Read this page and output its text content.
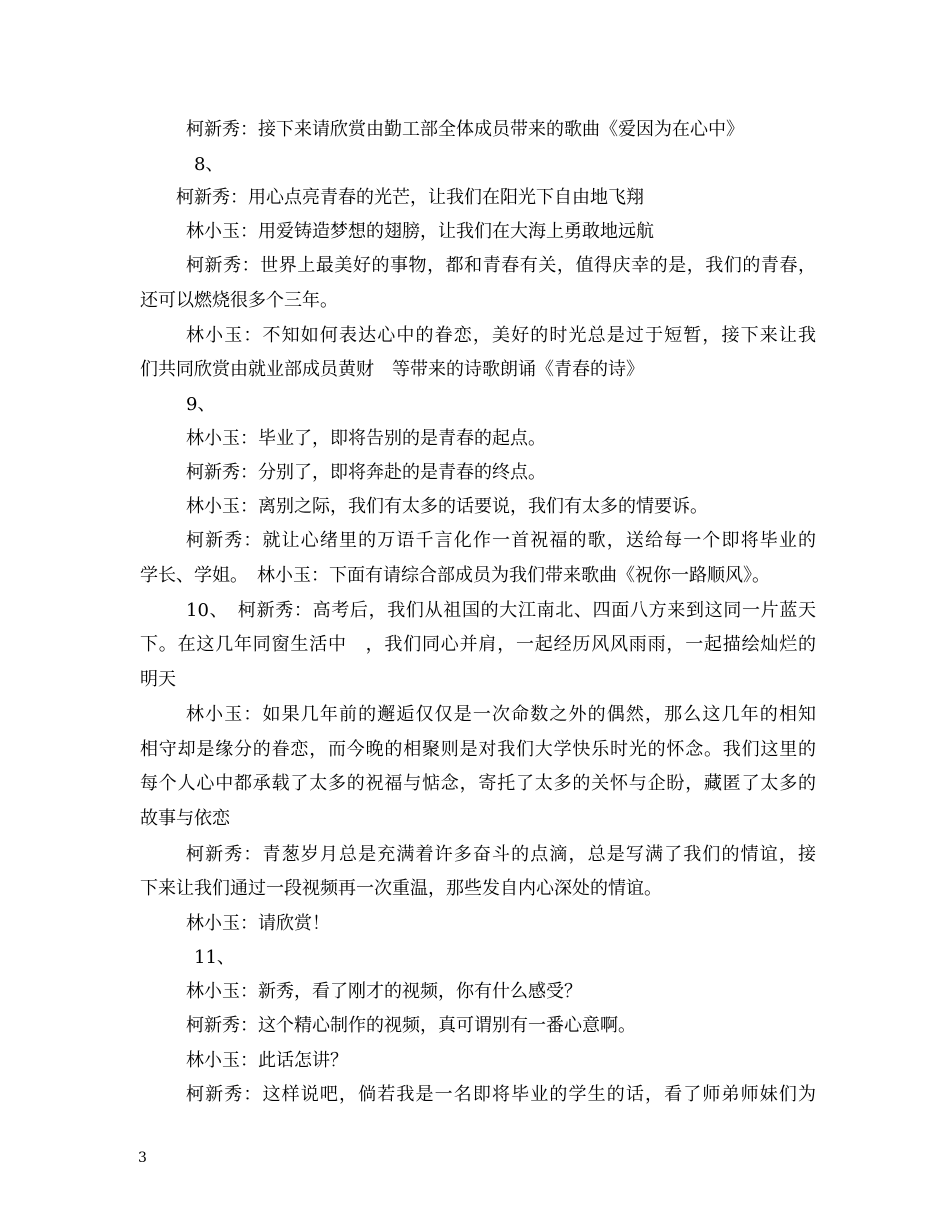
柯新秀：接下来请欣赏由勤工部全体成员带来的歌曲《爱因为在心中》
8、
柯新秀：用心点亮青春的光芒，让我们在阳光下自由地飞翔
林小玉：用爱铸造梦想的翅膀，让我们在大海上勇敢地远航
柯新秀：世界上最美好的事物，都和青春有关，值得庆幸的是，我们的青春，
还可以燃烧很多个三年。
林小玉：不知如何表达心中的眷恋，美好的时光总是过于短暂，接下来让我
们共同欣赏由就业部成员黄财　等带来的诗歌朗诵《青春的诗》
9、
林小玉：毕业了，即将告别的是青春的起点。
柯新秀：分别了，即将奔赴的是青春的终点。
林小玉：离别之际，我们有太多的话要说，我们有太多的情要诉。
柯新秀：就让心绪里的万语千言化作一首祝福的歌，送给每一个即将毕业的
学长、学姐。　林小玉：下面有请综合部成员为我们带来歌曲《祝你一路顺风》。
10、　柯新秀：高考后，我们从祖国的大江南北、四面八方来到这同一片蓝天
下。在这几年同窗生活中　，我们同心并肩，一起经历风风雨雨，一起描绘灿烂的
明天
林小玉：如果几年前的邂逅仅仅是一次命数之外的偶然，那么这几年的相知
相守却是缘分的眷恋，而今晚的相聚则是对我们大学快乐时光的怀念。我们这里的
每个人心中都承载了太多的祝福与惦念，寄托了太多的关怀与企盼，藏匿了太多的
故事与依恋
柯新秀：青葱岁月总是充满着许多奋斗的点滴，总是写满了我们的情谊，接
下来让我们通过一段视频再一次重温，那些发自内心深处的情谊。
林小玉：请欣赏！
11、
林小玉：新秀，看了刚才的视频，你有什么感受？
柯新秀：这个精心制作的视频，真可谓别有一番心意啊。
林小玉：此话怎讲？
柯新秀：这样说吧，倘若我是一名即将毕业的学生的话，看了师弟师妹们为
3
